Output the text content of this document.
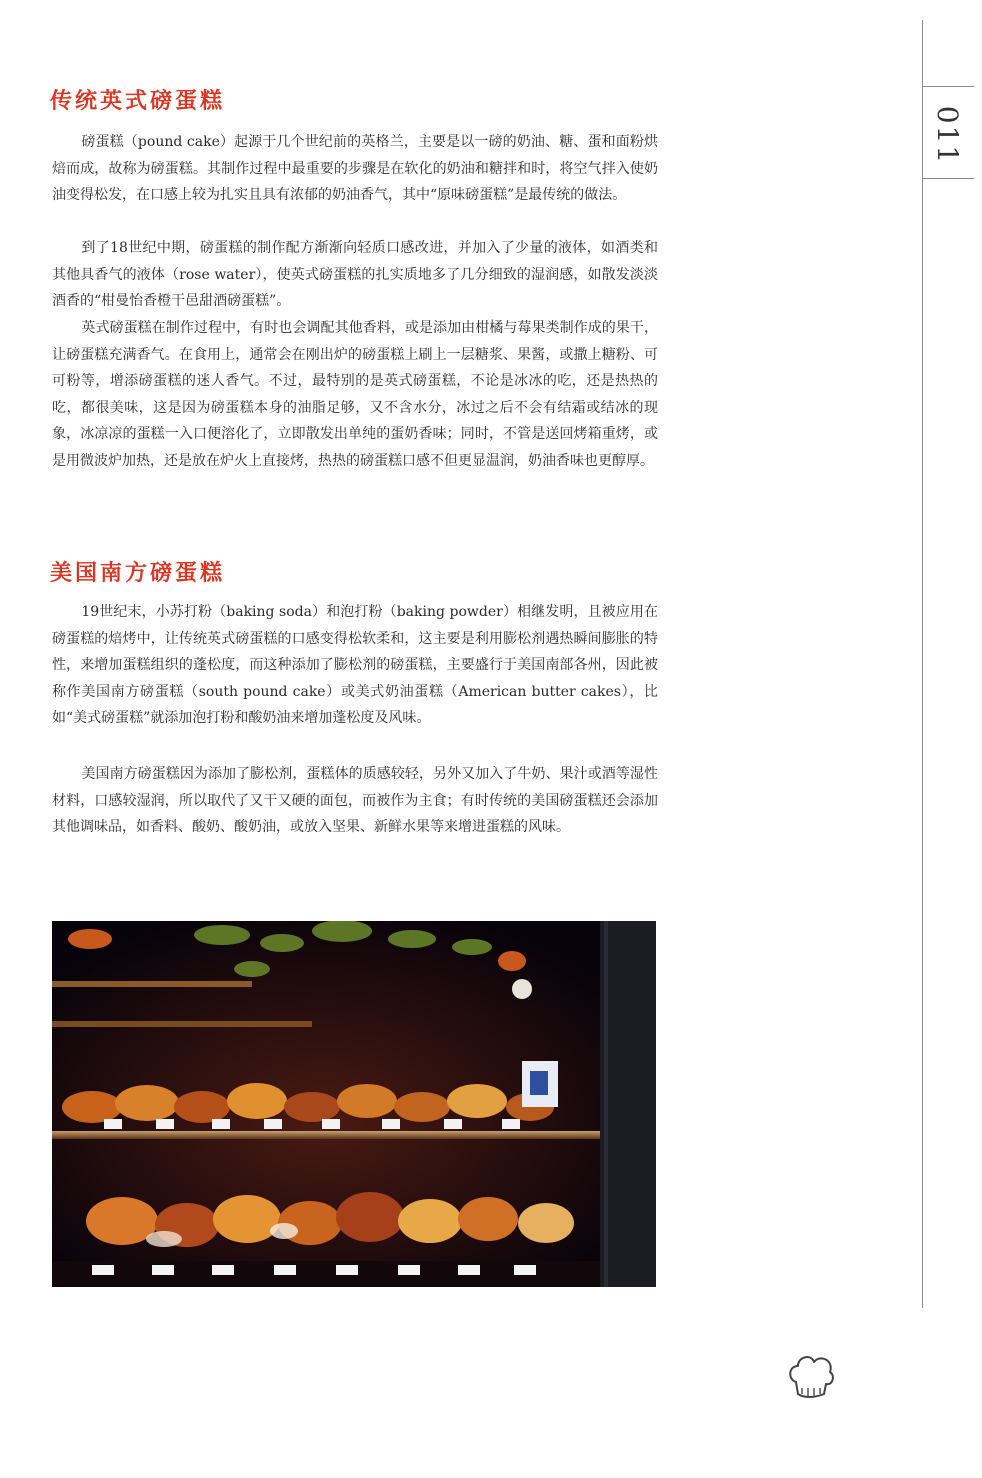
011
传统英式磅蛋糕

磅蛋糕（pound cake）起源于几个世纪前的英格兰，主要是以一磅的奶油、糖、蛋和面粉烘焙而成，故称为磅蛋糕。其制作过程中最重要的步骤是在软化的奶油和糖拌和时，将空气拌入使奶油变得松发，在口感上较为扎实且具有浓郁的奶油香气，其中“原味磅蛋糕”是最传统的做法。

到了18世纪中期，磅蛋糕的制作配方渐渐向轻质口感改进，并加入了少量的液体，如酒类和其他具香气的液体（rose water），使英式磅蛋糕的扎实质地多了几分细致的湿润感，如散发淡淡酒香的“柑曼怡香橙干邑甜酒磅蛋糕”。

英式磅蛋糕在制作过程中，有时也会调配其他香料，或是添加由柑橘与莓果类制作成的果干，让磅蛋糕充满香气。在食用上，通常会在刚出炉的磅蛋糕上刷上一层糖浆、果酱，或撒上糖粉、可可粉等，增添磅蛋糕的迷人香气。不过，最特别的是英式磅蛋糕，不论是冰冰的吃，还是热热的吃，都很美味，这是因为磅蛋糕本身的油脂足够，又不含水分，冰过之后不会有结霜或结冰的现象，冰凉凉的蛋糕一入口便溶化了，立即散发出单纯的蛋奶香味；同时，不管是送回烤箱重烤，或是用微波炉加热，还是放在炉火上直接烤，热热的磅蛋糕口感不但更显温润，奶油香味也更醇厚。

美国南方磅蛋糕

19世纪末，小苏打粉（baking soda）和泡打粉（baking powder）相继发明，且被应用在磅蛋糕的焙烤中，让传统英式磅蛋糕的口感变得松软柔和，这主要是利用膨松剂遇热瞬间膨胀的特性，来增加蛋糕组织的蓬松度，而这种添加了膨松剂的磅蛋糕，主要盛行于美国南部各州，因此被称作美国南方磅蛋糕（south pound cake）或美式奶油蛋糕（American butter cakes），比如“美式磅蛋糕”就添加泡打粉和酸奶油来增加蓬松度及风味。

美国南方磅蛋糕因为添加了膨松剂，蛋糕体的质感较轻，另外又加入了牛奶、果汁或酒等湿性材料，口感较湿润，所以取代了又干又硬的面包，而被作为主食；有时传统的美国磅蛋糕还会添加其他调味品，如香料、酸奶、酸奶油，或放入坚果、新鲜水果等来增进蛋糕的风味。
